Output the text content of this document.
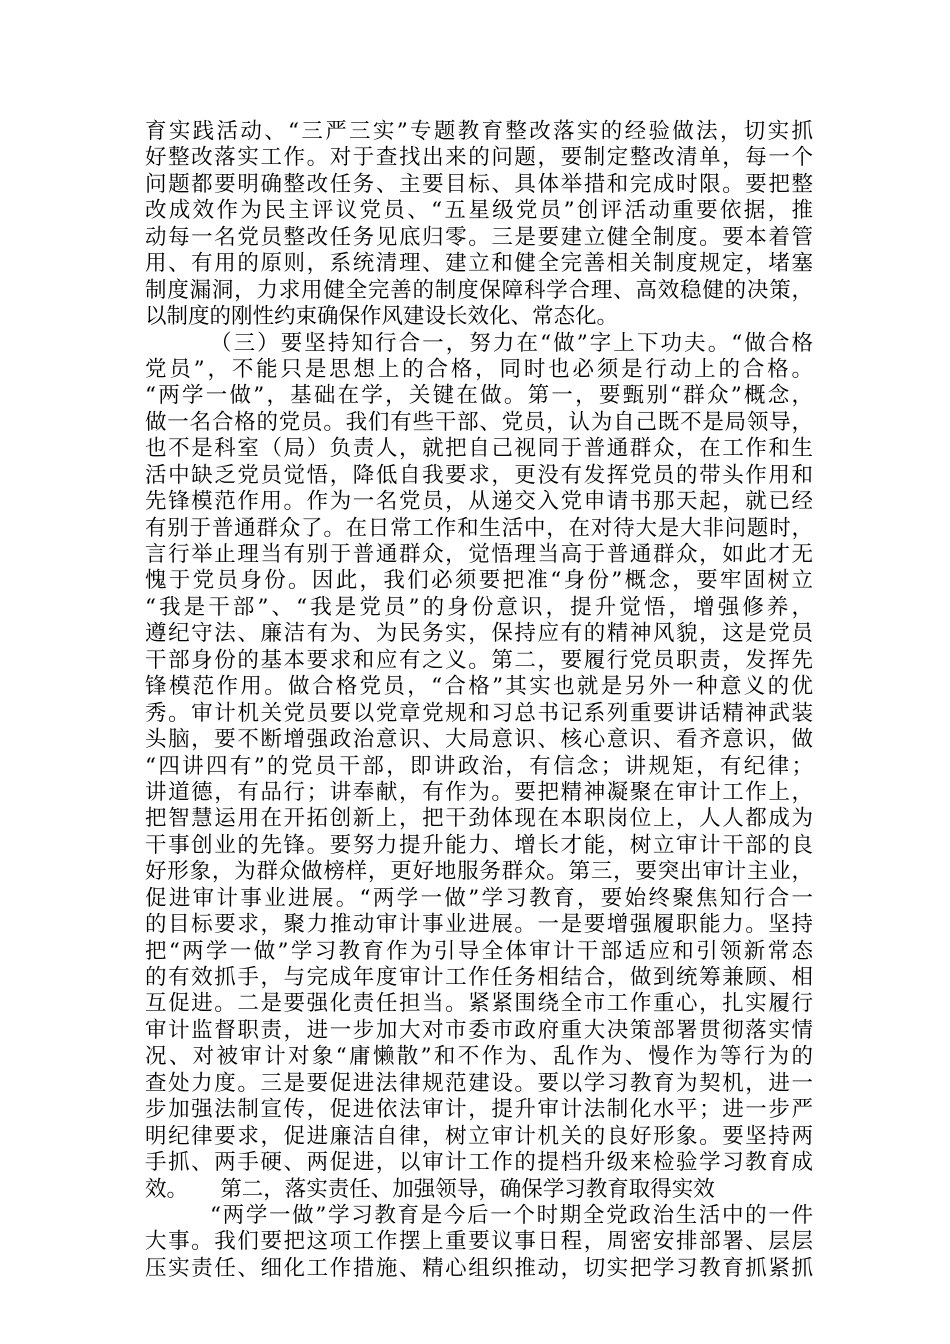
育实践活动、“三严三实”专题教育整改落实的经验做法，切实抓
好整改落实工作。对于查找出来的问题，要制定整改清单，每一个
问题都要明确整改任务、主要目标、具体举措和完成时限。要把整
改成效作为民主评议党员、“五星级党员”创评活动重要依据，推
动每一名党员整改任务见底归零。三是要建立健全制度。要本着管
用、有用的原则，系统清理、建立和健全完善相关制度规定，堵塞
制度漏洞，力求用健全完善的制度保障科学合理、高效稳健的决策，
以制度的刚性约束确保作风建设长效化、常态化。
（三）要坚持知行合一，努力在“做”字上下功夫。“做合格
党员”，不能只是思想上的合格，同时也必须是行动上的合格。
“两学一做”，基础在学，关键在做。第一，要甄别“群众”概念，
做一名合格的党员。我们有些干部、党员，认为自己既不是局领导，
也不是科室（局）负责人，就把自己视同于普通群众，在工作和生
活中缺乏党员觉悟，降低自我要求，更没有发挥党员的带头作用和
先锋模范作用。作为一名党员，从递交入党申请书那天起，就已经
有别于普通群众了。在日常工作和生活中，在对待大是大非问题时，
言行举止理当有别于普通群众，觉悟理当高于普通群众，如此才无
愧于党员身份。因此，我们必须要把准“身份”概念，要牢固树立
“我是干部”、“我是党员”的身份意识，提升觉悟，增强修养，
遵纪守法、廉洁有为、为民务实，保持应有的精神风貌，这是党员
干部身份的基本要求和应有之义。第二，要履行党员职责，发挥先
锋模范作用。做合格党员，“合格”其实也就是另外一种意义的优
秀。审计机关党员要以党章党规和习总书记系列重要讲话精神武装
头脑，要不断增强政治意识、大局意识、核心意识、看齐意识，做
“四讲四有”的党员干部，即讲政治，有信念；讲规矩，有纪律；
讲道德，有品行；讲奉献，有作为。要把精神凝聚在审计工作上，
把智慧运用在开拓创新上，把干劲体现在本职岗位上，人人都成为
干事创业的先锋。要努力提升能力、增长才能，树立审计干部的良
好形象，为群众做榜样，更好地服务群众。第三，要突出审计主业，
促进审计事业进展。“两学一做”学习教育，要始终聚焦知行合一
的目标要求，聚力推动审计事业进展。一是要增强履职能力。坚持
把“两学一做”学习教育作为引导全体审计干部适应和引领新常态
的有效抓手，与完成年度审计工作任务相结合，做到统筹兼顾、相
互促进。二是要强化责任担当。紧紧围绕全市工作重心，扎实履行
审计监督职责，进一步加大对市委市政府重大决策部署贯彻落实情
况、对被审计对象“庸懒散”和不作为、乱作为、慢作为等行为的
查处力度。三是要促进法律规范建设。要以学习教育为契机，进一
步加强法制宣传，促进依法审计，提升审计法制化水平；进一步严
明纪律要求，促进廉洁自律，树立审计机关的良好形象。要坚持两
手抓、两手硬、两促进，以审计工作的提档升级来检验学习教育成
效。　　第二，落实责任、加强领导，确保学习教育取得实效
“两学一做”学习教育是今后一个时期全党政治生活中的一件
大事。我们要把这项工作摆上重要议事日程，周密安排部署、层层
压实责任、细化工作措施、精心组织推动，切实把学习教育抓紧抓
